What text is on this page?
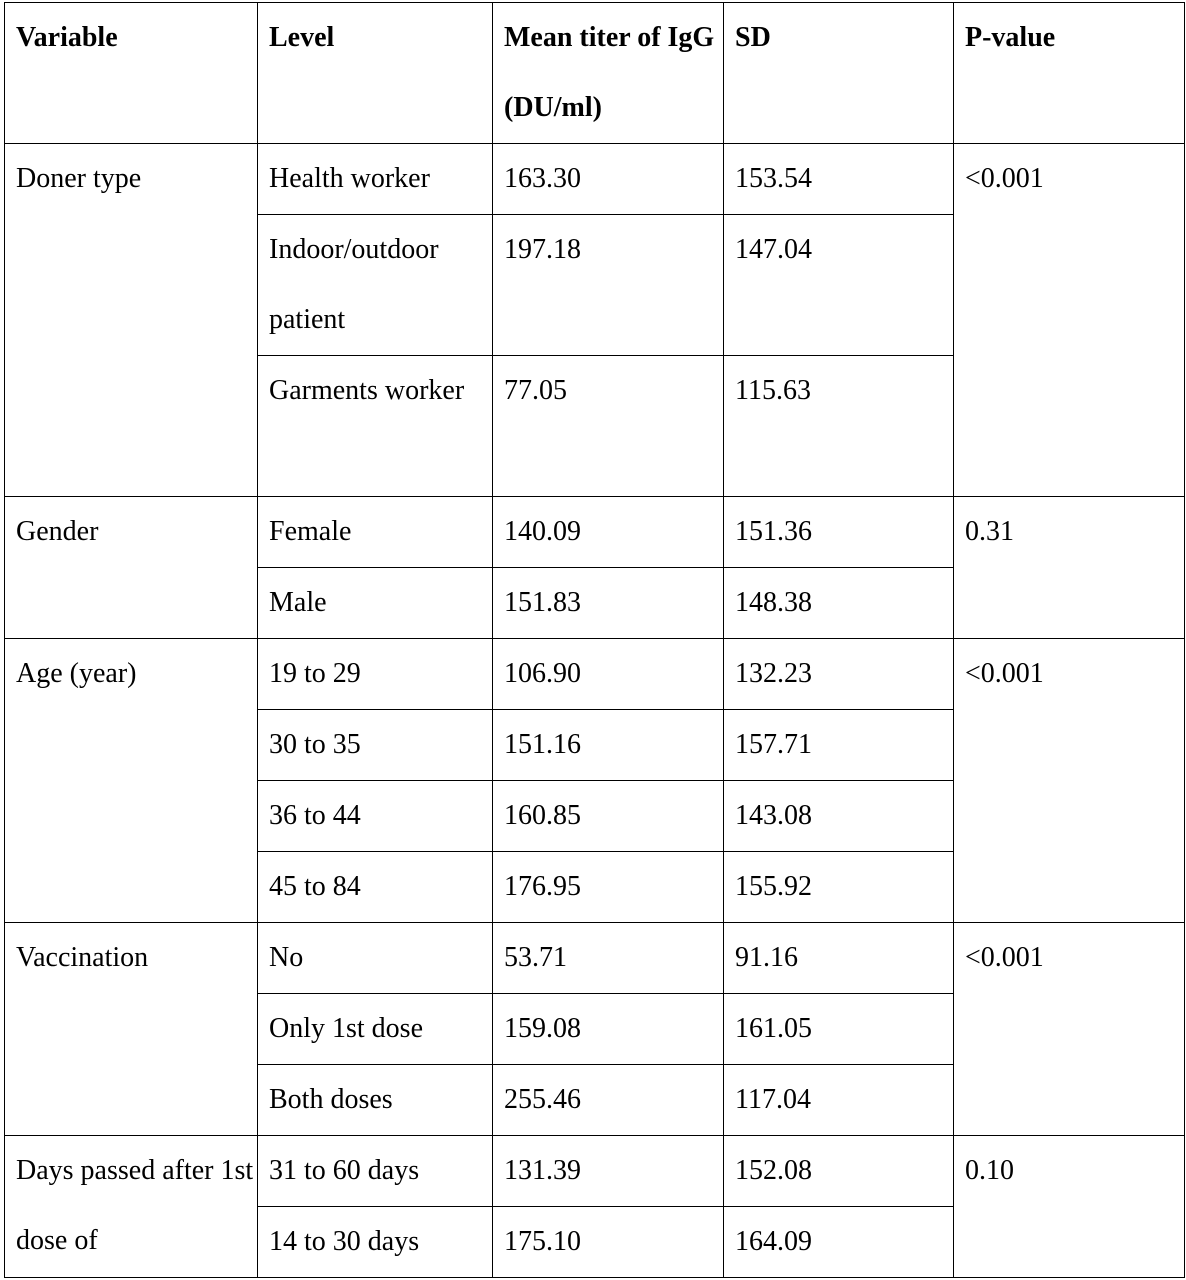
Variable	Level	Mean titer of IgG (DU/ml)	SD	P-value
Doner type	Health worker	163.30	153.54	<0.001
	Indoor/outdoor patient	197.18	147.04	
	Garments worker	77.05	115.63	
Gender	Female	140.09	151.36	0.31
	Male	151.83	148.38	
Age (year)	19 to 29	106.90	132.23	<0.001
	30 to 35	151.16	157.71	
	36 to 44	160.85	143.08	
	45 to 84	176.95	155.92	
Vaccination	No	53.71	91.16	<0.001
	Only 1st dose	159.08	161.05	
	Both doses	255.46	117.04	
Days passed after 1st dose of	31 to 60 days	131.39	152.08	0.10
	14 to 30 days	175.10	164.09	
